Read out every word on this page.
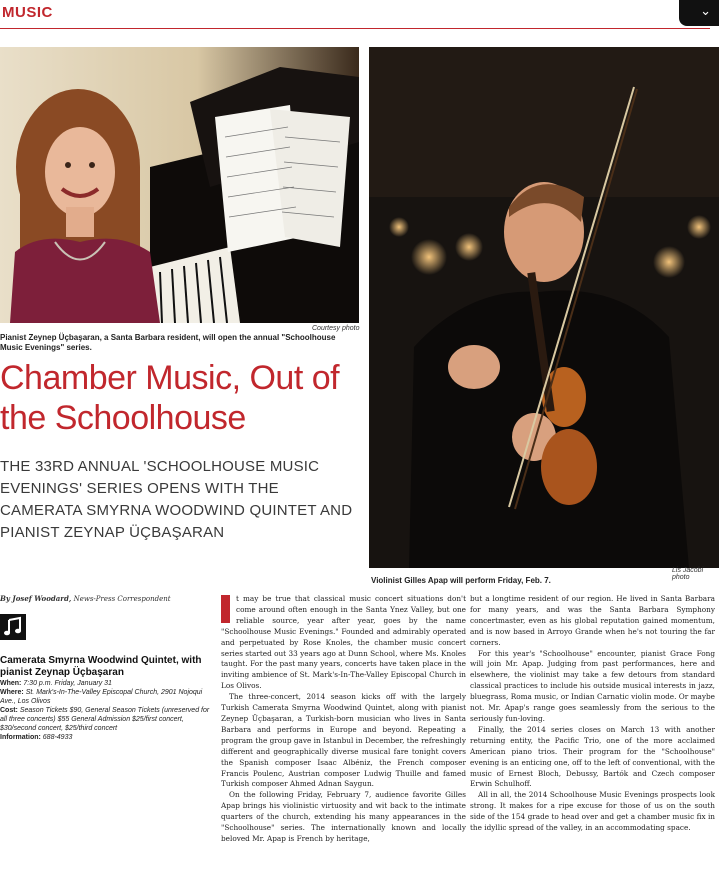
MUSIC	⌄
Courtesy photo
Pianist Zeynep Üçbaşaran, a Santa Barbara resident, will open the annual "Schoolhouse Music Evenings" series.
Lis Jacobi photo
Violinist Gilles Apap will perform Friday, Feb. 7.
Chamber Music, Out of the Schoolhouse
THE 33RD ANNUAL 'SCHOOLHOUSE MUSIC EVENINGS' SERIES OPENS WITH THE CAMERATA SMYRNA WOODWIND QUINTET AND PIANIST ZEYNAP ÜÇBAŞARAN
By Josef Woodard, News-Press Correspondent
Camerata Smyrna Woodwind Quintet, with pianist Zeynap Üçbaşaran
When: 7:30 p.m. Friday, January 31
Where: St. Mark's-In-The-Valley Episcopal Church, 2901 Nojoqui Ave., Los Olivos
Cost: Season Tickets $90, General Season Tickets (unreserved for all three concerts) $55 General Admission $25/first concert, $30/second concert, $25/third concert
Information: 688-4933

t may be true that classical music concert situations don't come around often enough in the Santa Ynez Valley, but one reliable source, year after year, goes by the name "Schoolhouse Music Evenings." Founded and admirably operated and perpetuated by Rose Knoles, the chamber music concert series started out 33 years ago at Dunn School, where Ms. Knoles taught. For the past many years, concerts have taken place in the inviting ambience of St. Mark's-In-The-Valley Episcopal Church in Los Olivos.

The three-concert, 2014 season kicks off with the largely Turkish Camerata Smyrna Woodwind Quintet, along with pianist Zeynep Üçbaşaran, a Turkish-born musician who lives in Santa Barbara and performs in Europe and beyond. Repeating a program the group gave in Istanbul in December, the refreshingly different and geographically diverse musical fare tonight covers the Spanish composer Isaac Albéniz, the French composer Francis Poulenc, Austrian composer Ludwig Thuille and famed Turkish composer Ahmed Adnan Saygun.

On the following Friday, February 7, audience favorite Gilles Apap brings his violinistic virtuosity and wit back to the intimate quarters of the church, extending his many appearances in the "Schoolhouse" series. The internationally known and locally beloved Mr. Apap is French by heritage,

but a longtime resident of our region. He lived in Santa Barbara for many years, and was the Santa Barbara Symphony concertmaster, even as his global reputation gained momentum, and is now based in Arroyo Grande when he's not touring the far corners.

For this year's "Schoolhouse" encounter, pianist Grace Fong will join Mr. Apap. Judging from past performances, here and elsewhere, the violinist may take a few detours from standard classical practices to include his outside musical interests in jazz, bluegrass, Roma music, or Indian Carnatic violin mode. Or maybe not. Mr. Apap's range goes seamlessly from the serious to the seriously fun-loving.

Finally, the 2014 series closes on March 13 with another returning entity, the Pacific Trio, one of the more acclaimed American piano trios. Their program for the "Schoolhouse" evening is an enticing one, off to the left of conventional, with the music of Ernest Bloch, Debussy, Bartók and Czech composer Erwin Schulhoff.

All in all, the 2014 Schoolhouse Music Evenings prospects look strong. It makes for a ripe excuse for those of us on the south side of the 154 grade to head over and get a chamber music fix in the idyllic spread of the valley, in an accommodating space.
